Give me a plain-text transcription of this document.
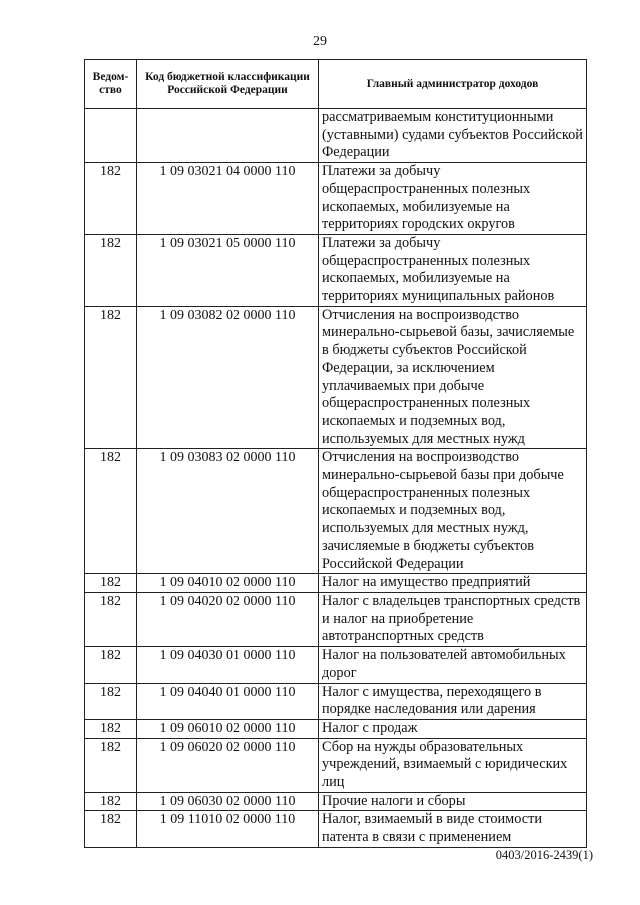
29
Ведом-ство	Код бюджетной классификации Российской Федерации	Главный администратор доходов
		рассматриваемым конституционными (уставными) судами субъектов Российской Федерации
182	1 09 03021 04 0000 110	Платежи за добычу общераспространенных полезных ископаемых, мобилизуемые на территориях городских округов
182	1 09 03021 05 0000 110	Платежи за добычу общераспространенных полезных ископаемых, мобилизуемые на территориях муниципальных районов
182	1 09 03082 02 0000 110	Отчисления на воспроизводство минерально-сырьевой базы, зачисляемые в бюджеты субъектов Российской Федерации, за исключением уплачиваемых при добыче общераспространенных полезных ископаемых и подземных вод, используемых для местных нужд
182	1 09 03083 02 0000 110	Отчисления на воспроизводство минерально-сырьевой базы при добыче общераспространенных полезных ископаемых и подземных вод, используемых для местных нужд, зачисляемые в бюджеты субъектов Российской Федерации
182	1 09 04010 02 0000 110	Налог на имущество предприятий
182	1 09 04020 02 0000 110	Налог с владельцев транспортных средств и налог на приобретение автотранспортных средств
182	1 09 04030 01 0000 110	Налог на пользователей автомобильных дорог
182	1 09 04040 01 0000 110	Налог с имущества, переходящего в порядке наследования или дарения
182	1 09 06010 02 0000 110	Налог с продаж
182	1 09 06020 02 0000 110	Сбор на нужды образовательных учреждений, взимаемый с юридических лиц
182	1 09 06030 02 0000 110	Прочие налоги и сборы
182	1 09 11010 02 0000 110	Налог, взимаемый в виде стоимости патента в связи с применением
0403/2016-2439(1)
